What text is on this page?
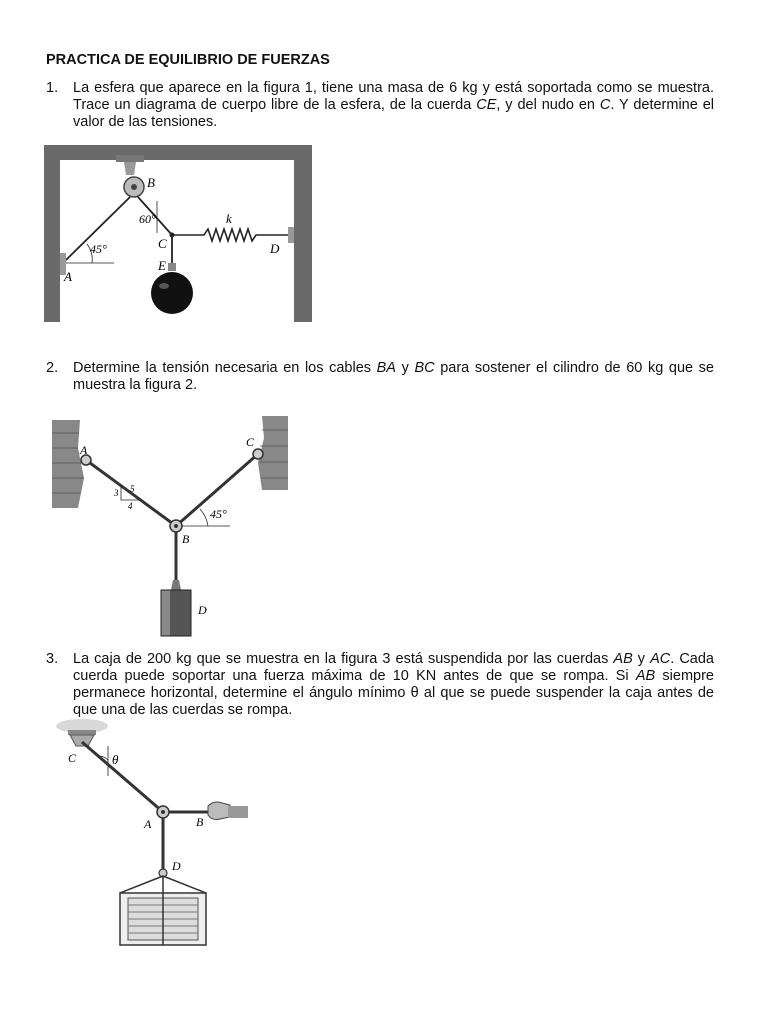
PRACTICA DE EQUILIBRIO DE FUERZAS
1. La esfera que aparece en la figura 1, tiene una masa de 6 kg y está soportada como se muestra. Trace un diagrama de cuerpo libre de la esfera, de la cuerda CE, y del nudo en C. Y determine el valor de las tensiones.
B
60°	k
C	D
45°
E
A
2. Determine la tensión necesaria en los cables BA y BC para sostener el cilindro de 60 kg que se muestra la figura 2.
A
C
5
3
4
45°
B
D
3. La caja de 200 kg que se muestra en la figura 3 está suspendida por las cuerdas AB y AC. Cada cuerda puede soportar una fuerza máxima de 10 KN antes de que se rompa. Si AB siempre permanece horizontal, determine el ángulo mínimo θ al que se puede suspender la caja antes de que una de las cuerdas se rompa.
C	θ
A	B
D
